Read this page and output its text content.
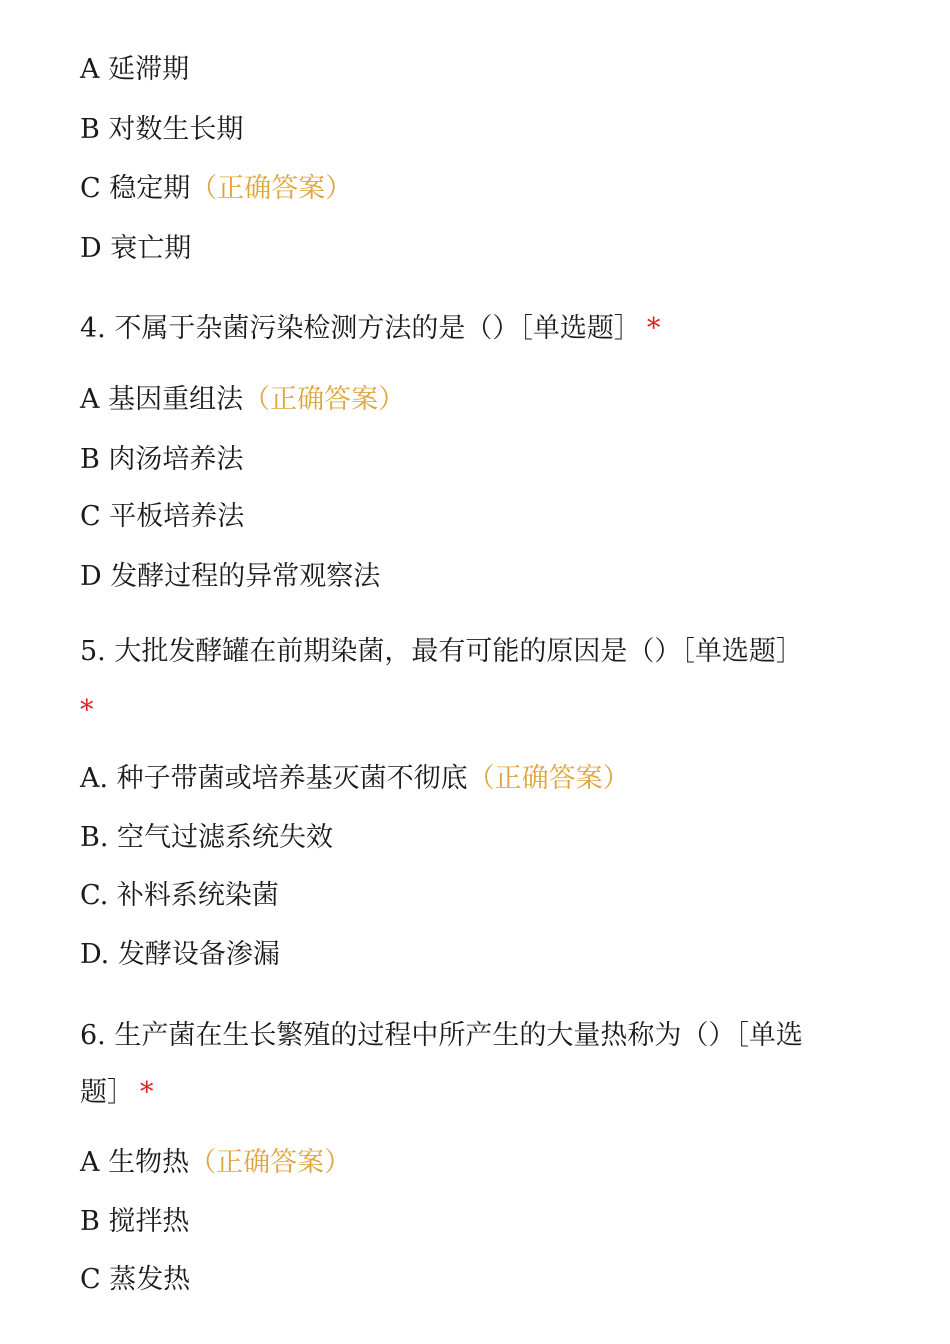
A 延滞期
B 对数生长期
C 稳定期（正确答案）
D 衰亡期
4. 不属于杂菌污染检测方法的是（）［单选题］ *
A 基因重组法（正确答案）
B 肉汤培养法
C 平板培养法
D 发酵过程的异常观察法
5. 大批发酵罐在前期染菌，最有可能的原因是（）［单选题］
*
A. 种子带菌或培养基灭菌不彻底（正确答案）
B. 空气过滤系统失效
C. 补料系统染菌
D. 发酵设备渗漏
6. 生产菌在生长繁殖的过程中所产生的大量热称为（）［单选
题］ *
A 生物热（正确答案）
B 搅拌热
C 蒸发热
